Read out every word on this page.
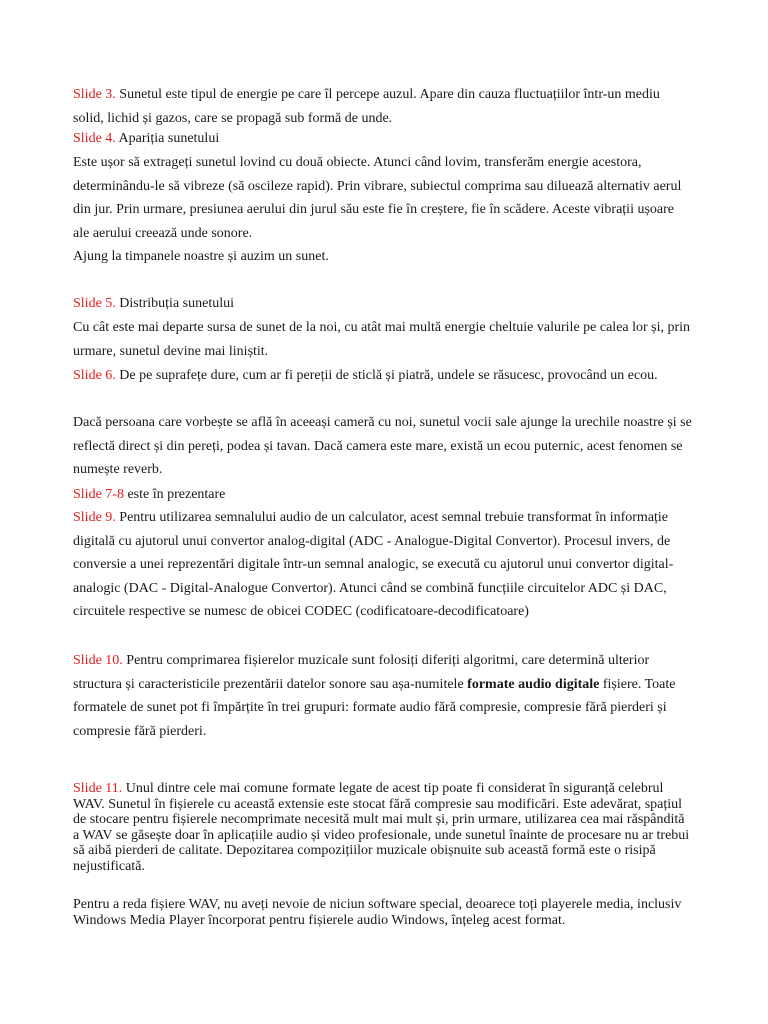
Slide 3. Sunetul este tipul de energie pe care îl percepe auzul. Apare din cauza fluctuațiilor într-un mediu solid, lichid și gazos, care se propagă sub formă de unde.

Slide 4. Apariția sunetului

Este ușor să extrageți sunetul lovind cu două obiecte. Atunci când lovim, transferăm energie acestora, determinându-le să vibreze (să oscileze rapid). Prin vibrare, subiectul comprima sau diluează alternativ aerul din jur. Prin urmare, presiunea aerului din jurul său este fie în creștere, fie în scădere. Aceste vibrații ușoare ale aerului creează unde sonore.

Ajung la timpanele noastre și auzim un sunet.

Slide 5. Distribuția sunetului

Cu cât este mai departe sursa de sunet de la noi, cu atât mai multă energie cheltuie valurile pe calea lor și, prin urmare, sunetul devine mai liniștit.

Slide 6. De pe suprafețe dure, cum ar fi pereții de sticlă și piatră, undele se răsucesc, provocând un ecou.

Dacă persoana care vorbește se află în aceeași cameră cu noi, sunetul vocii sale ajunge la urechile noastre și se reflectă direct și din pereți, podea și tavan. Dacă camera este mare, există un ecou puternic, acest fenomen se numește reverb.

Slide 7-8 este în prezentare

Slide 9. Pentru utilizarea semnalului audio de un calculator, acest semnal trebuie transformat în informație digitală cu ajutorul unui convertor analog-digital (ADC - Analogue-Digital Convertor). Procesul invers, de conversie a unei reprezentări digitale într-un semnal analogic, se execută cu ajutorul unui convertor digital-analogic (DAC - Digital-Analogue Convertor). Atunci când se combină funcțiile circuitelor ADC și DAC, circuitele respective se numesc de obicei CODEC (codificatoare-decodificatoare)

Slide 10. Pentru comprimarea fișierelor muzicale sunt folosiți diferiți algoritmi, care determină ulterior structura și caracteristicile prezentării datelor sonore sau așa-numitele formate audio digitale fișiere. Toate formatele de sunet pot fi împărțite în trei grupuri: formate audio fără compresie, compresie fără pierderi și compresie fără pierderi.

Slide 11. Unul dintre cele mai comune formate legate de acest tip poate fi considerat în siguranță celebrul WAV. Sunetul în fișierele cu această extensie este stocat fără compresie sau modificări. Este adevărat, spațiul de stocare pentru fișierele necomprimate necesită mult mai mult și, prin urmare, utilizarea cea mai răspândită a WAV se găsește doar în aplicațiile audio și video profesionale, unde sunetul înainte de procesare nu ar trebui să aibă pierderi de calitate. Depozitarea compozițiilor muzicale obișnuite sub această formă este o risipă nejustificată.

Pentru a reda fișiere WAV, nu aveți nevoie de niciun software special, deoarece toți playerele media, inclusiv Windows Media Player încorporat pentru fișierele audio Windows, înțeleg acest format.
